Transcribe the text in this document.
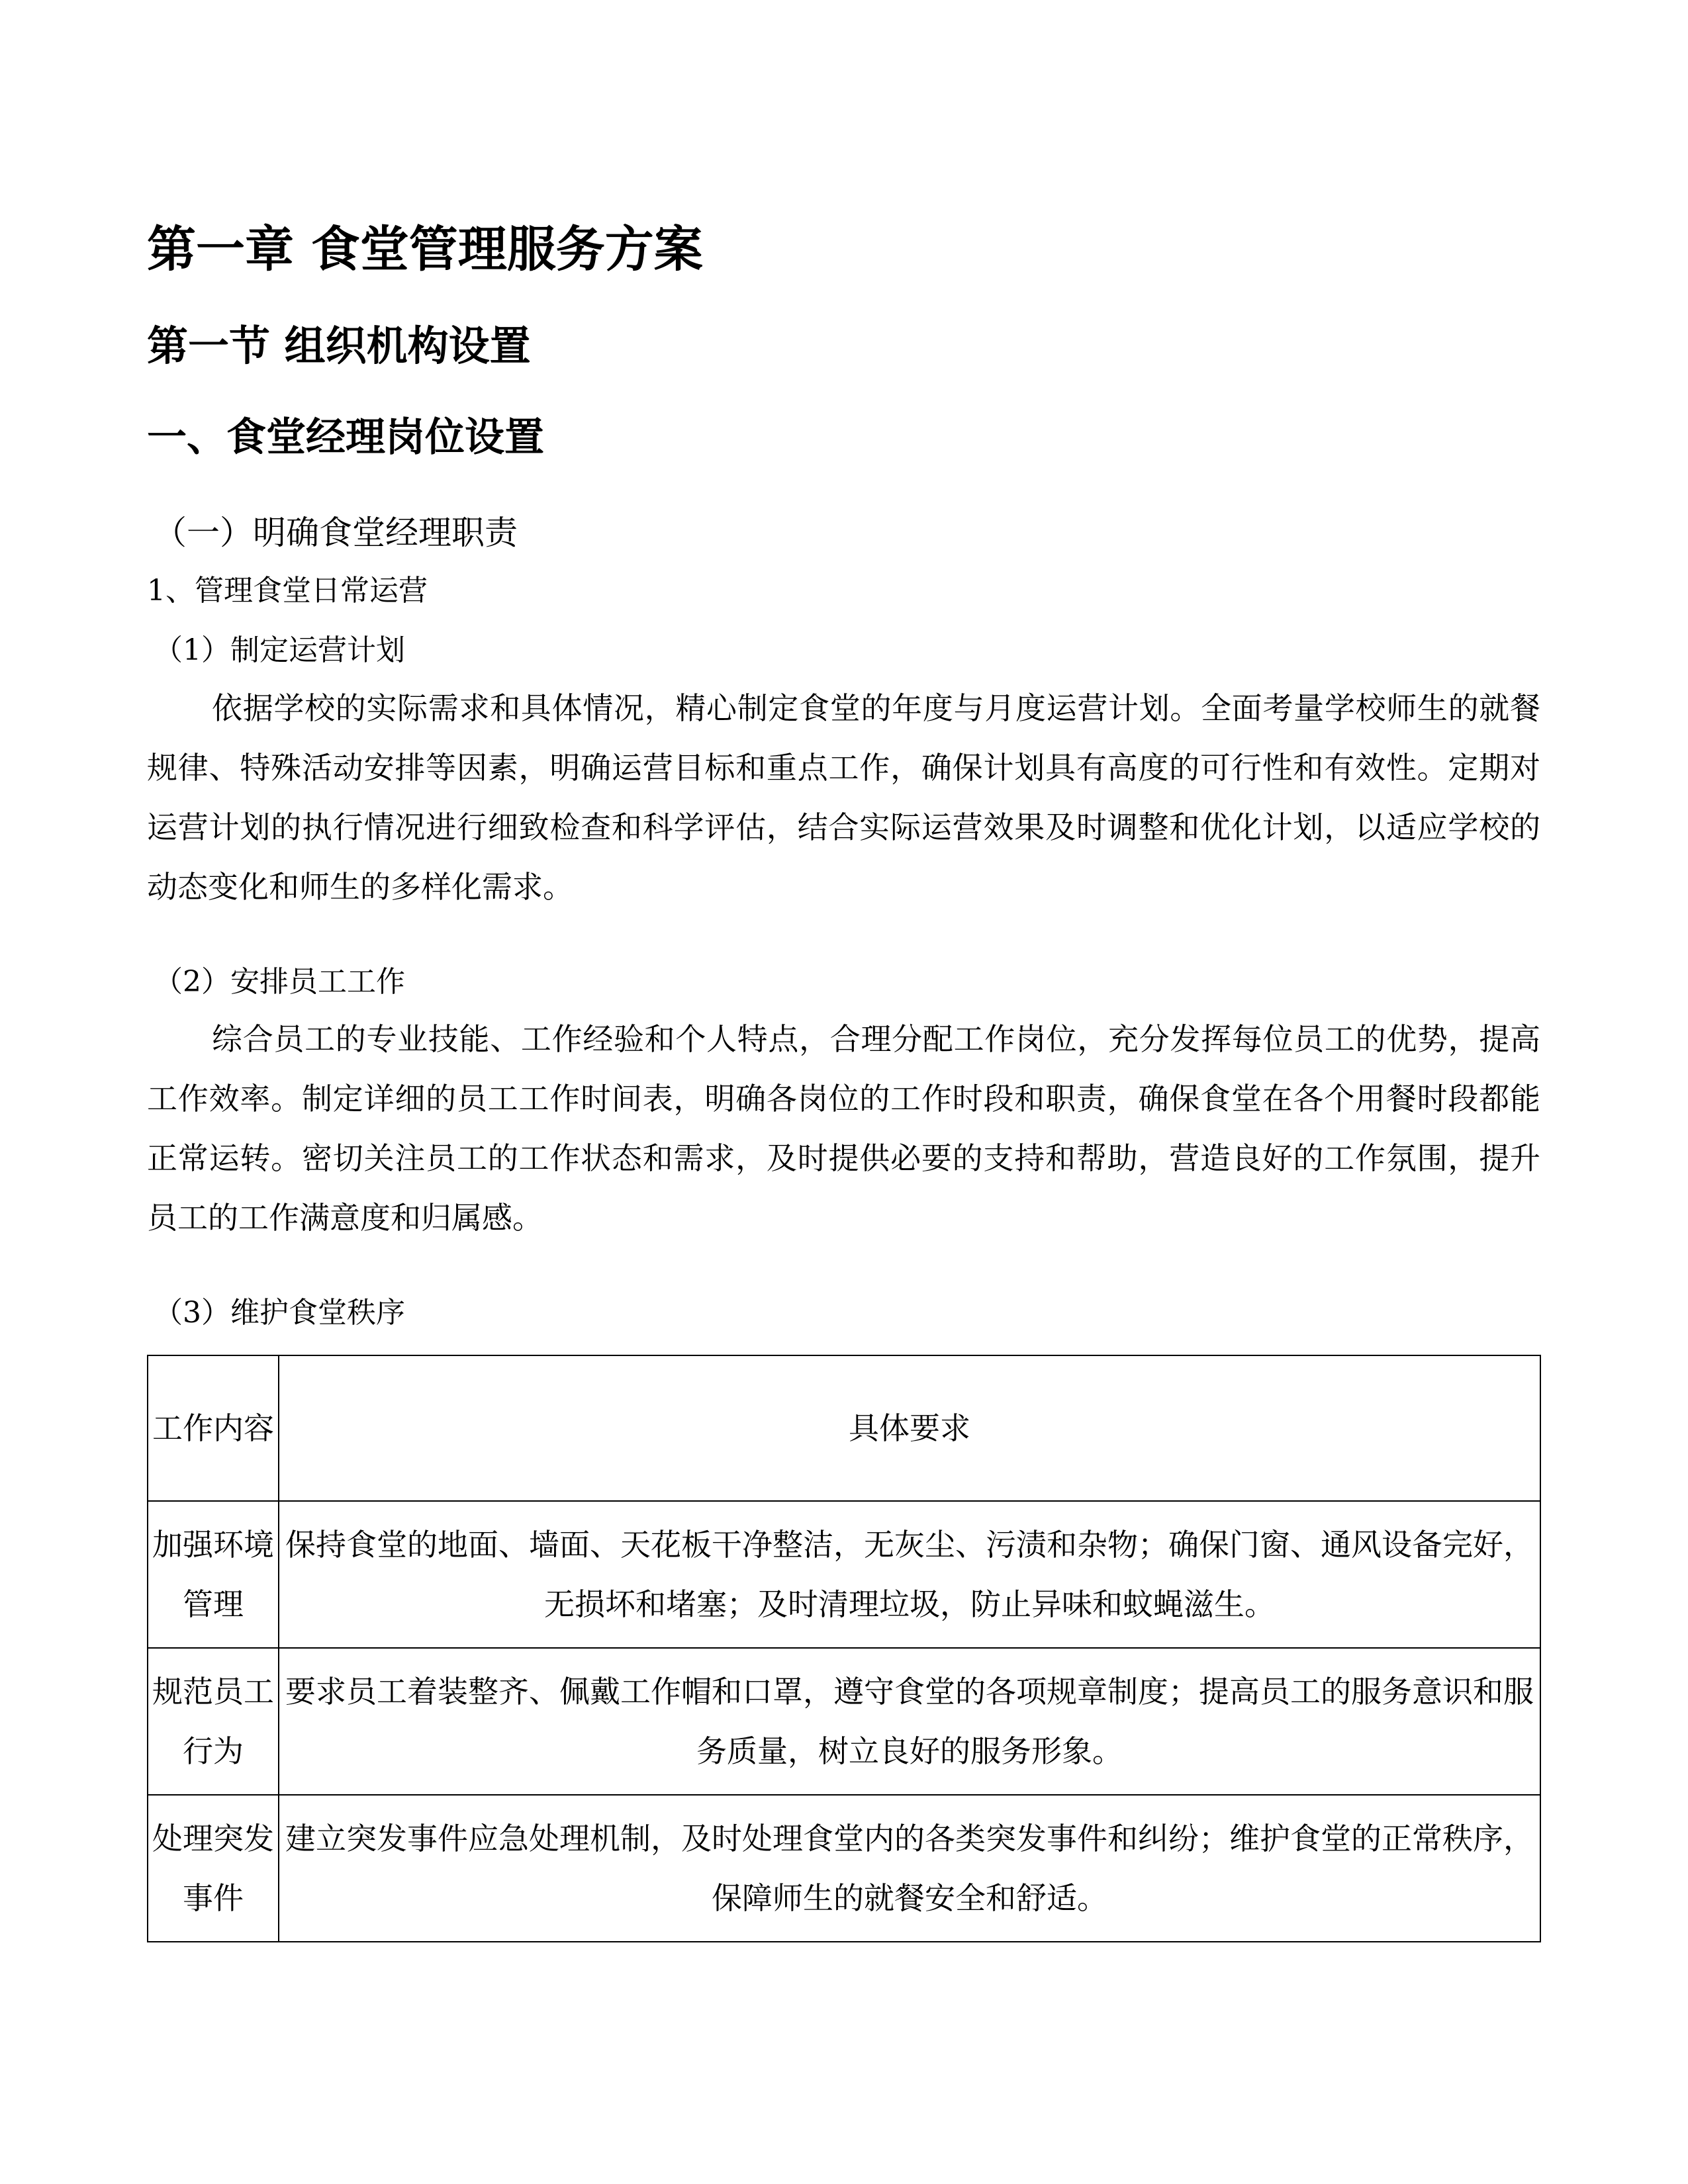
第一章 食堂管理服务方案
第一节 组织机构设置
一、食堂经理岗位设置
（一）明确食堂经理职责
1、管理食堂日常运营
（1）制定运营计划
依据学校的实际需求和具体情况，精心制定食堂的年度与月度运营计划。全面考量学校师生的就餐规律、特殊活动安排等因素，明确运营目标和重点工作，确保计划具有高度的可行性和有效性。定期对运营计划的执行情况进行细致检查和科学评估，结合实际运营效果及时调整和优化计划，以适应学校的动态变化和师生的多样化需求。
（2）安排员工工作
综合员工的专业技能、工作经验和个人特点，合理分配工作岗位，充分发挥每位员工的优势，提高工作效率。制定详细的员工工作时间表，明确各岗位的工作时段和职责，确保食堂在各个用餐时段都能正常运转。密切关注员工的工作状态和需求，及时提供必要的支持和帮助，营造良好的工作氛围，提升员工的工作满意度和归属感。
（3）维护食堂秩序
工作内容	具体要求

加强环境管理	保持食堂的地面、墙面、天花板干净整洁，无灰尘、污渍和杂物；确保门窗、通风设备完好，无损坏和堵塞；及时清理垃圾，防止异味和蚊蝇滋生。

规范员工行为	要求员工着装整齐、佩戴工作帽和口罩，遵守食堂的各项规章制度；提高员工的服务意识和服务质量，树立良好的服务形象。

处理突发事件	建立突发事件应急处理机制，及时处理食堂内的各类突发事件和纠纷；维护食堂的正常秩序，保障师生的就餐安全和舒适。
